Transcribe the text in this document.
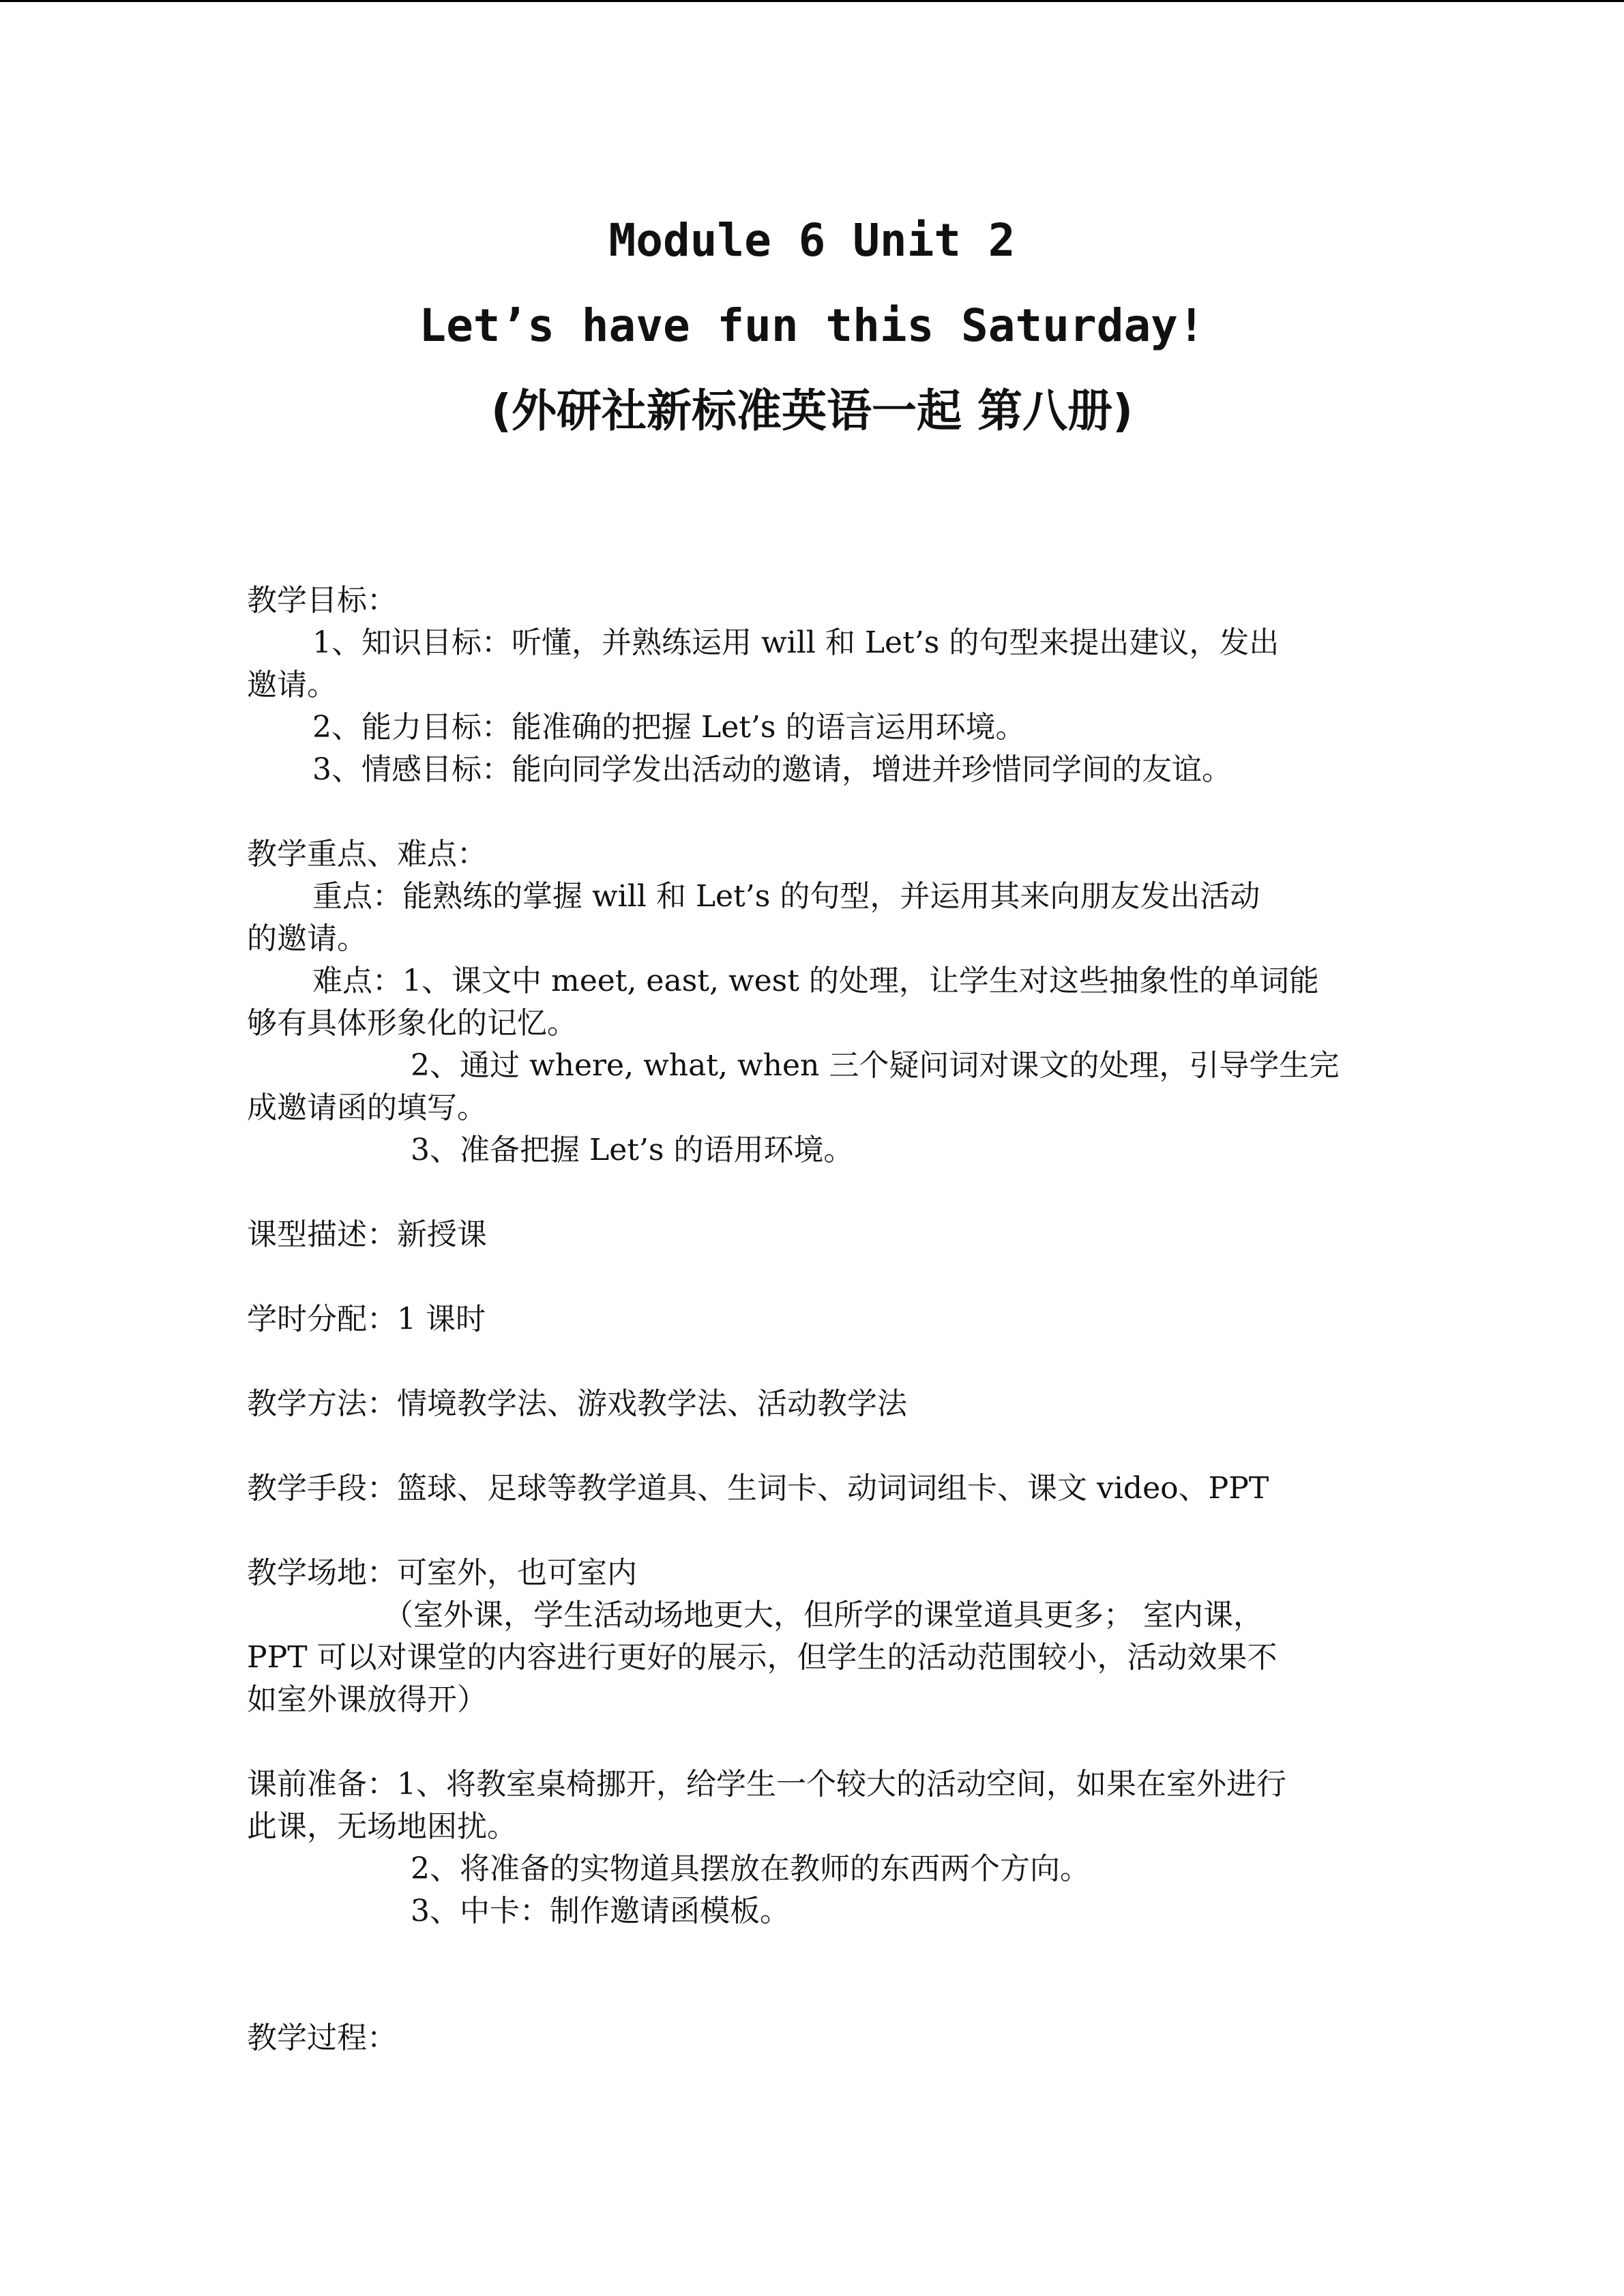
Module 6 Unit 2
Let’s have fun this Saturday!
(外研社新标准英语一起 第八册)
教学目标：
1、知识目标：听懂，并熟练运用 will 和 Let’s 的句型来提出建议，发出
邀请。
2、能力目标：能准确的把握 Let’s 的语言运用环境。
3、情感目标：能向同学发出活动的邀请，增进并珍惜同学间的友谊。
教学重点、难点：
重点：能熟练的掌握 will 和 Let’s 的句型，并运用其来向朋友发出活动
的邀请。
难点：1、课文中 meet, east, west 的处理，让学生对这些抽象性的单词能
够有具体形象化的记忆。
2、通过 where, what, when 三个疑问词对课文的处理，引导学生完
成邀请函的填写。
3、准备把握 Let’s 的语用环境。
课型描述：新授课
学时分配：1 课时
教学方法：情境教学法、游戏教学法、活动教学法
教学手段：篮球、足球等教学道具、生词卡、动词词组卡、课文 video、PPT
教学场地：可室外，也可室内
（室外课，学生活动场地更大，但所学的课堂道具更多； 室内课，
PPT 可以对课堂的内容进行更好的展示，但学生的活动范围较小，活动效果不
如室外课放得开）
课前准备：1、将教室桌椅挪开，给学生一个较大的活动空间，如果在室外进行
此课，无场地困扰。
2、将准备的实物道具摆放在教师的东西两个方向。
3、中卡：制作邀请函模板。
教学过程：
